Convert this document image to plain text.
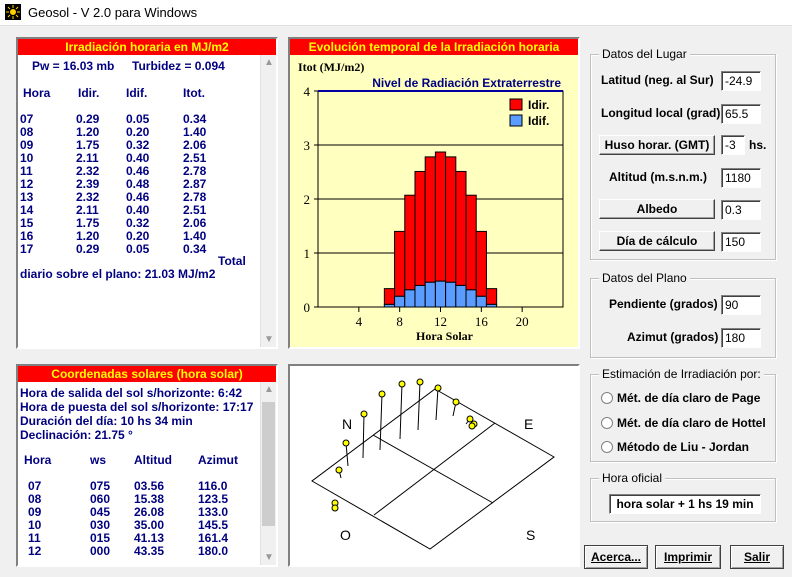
Geosol - V 2.0 para Windows
Irradiación horaria en MJ/m2
Pw = 16.03 mb Turbidez = 0.094
Hora Idir. Idif.	Itot.
07	0.29 0.05	0.34
08	1.20 0.20	1.40
09	1.75 0.32	2.06
10	2.11 0.40	2.51
11	2.32 0.46	2.78
12	2.39 0.48	2.87
13	2.32 0.46	2.78
14	2.11 0.40	2.51
15	1.75 0.32	2.06
16	1.20 0.20	1.40
17	0.29 0.05	0.34
Total
diario sobre el plano: 21.03 MJ/m2
▲
▼
Evolución temporal de la Irradiación horaria
Nivel de Radiación Extraterrestre
Itot (MJ/m2)
0
1
2
3
4
4	8 12 16 20
Hora Solar
Idir.
Idif.
Coordenadas solares (hora solar)
Hora de salida del sol s/horizonte: 6:42
Hora de puesta del sol s/horizonte: 17:17
Duración del día: 10 hs 34 min
Declinación: 21.75 °
Hora	ws Altitud Azimut
07	075 03.56	116.0
08	060 15.38	123.5
09	045 26.08	133.0
10	030 35.00	145.5
11	015 41.13	161.4
12	000 43.35	180.0
▲
▼
N	E
O	S
Datos del Lugar
Latitud (neg. al Sur) -24.9
Longitud local (grad) 65.5
Huso horar. (GMT)	-3	hs.
Altitud (m.s.n.m.)	1180
Albedo	0.3
Día de cálculo	150
Datos del Plano
Pendiente (grados) 90
Azimut (grados) 180
Estimación de Irradiación por:
Mét. de día claro de Page
Mét. de día claro de Hottel
Método de Liu - Jordan
Hora oficial
hora solar + 1 hs 19 min
Acerca...	Imprimir	Salir
